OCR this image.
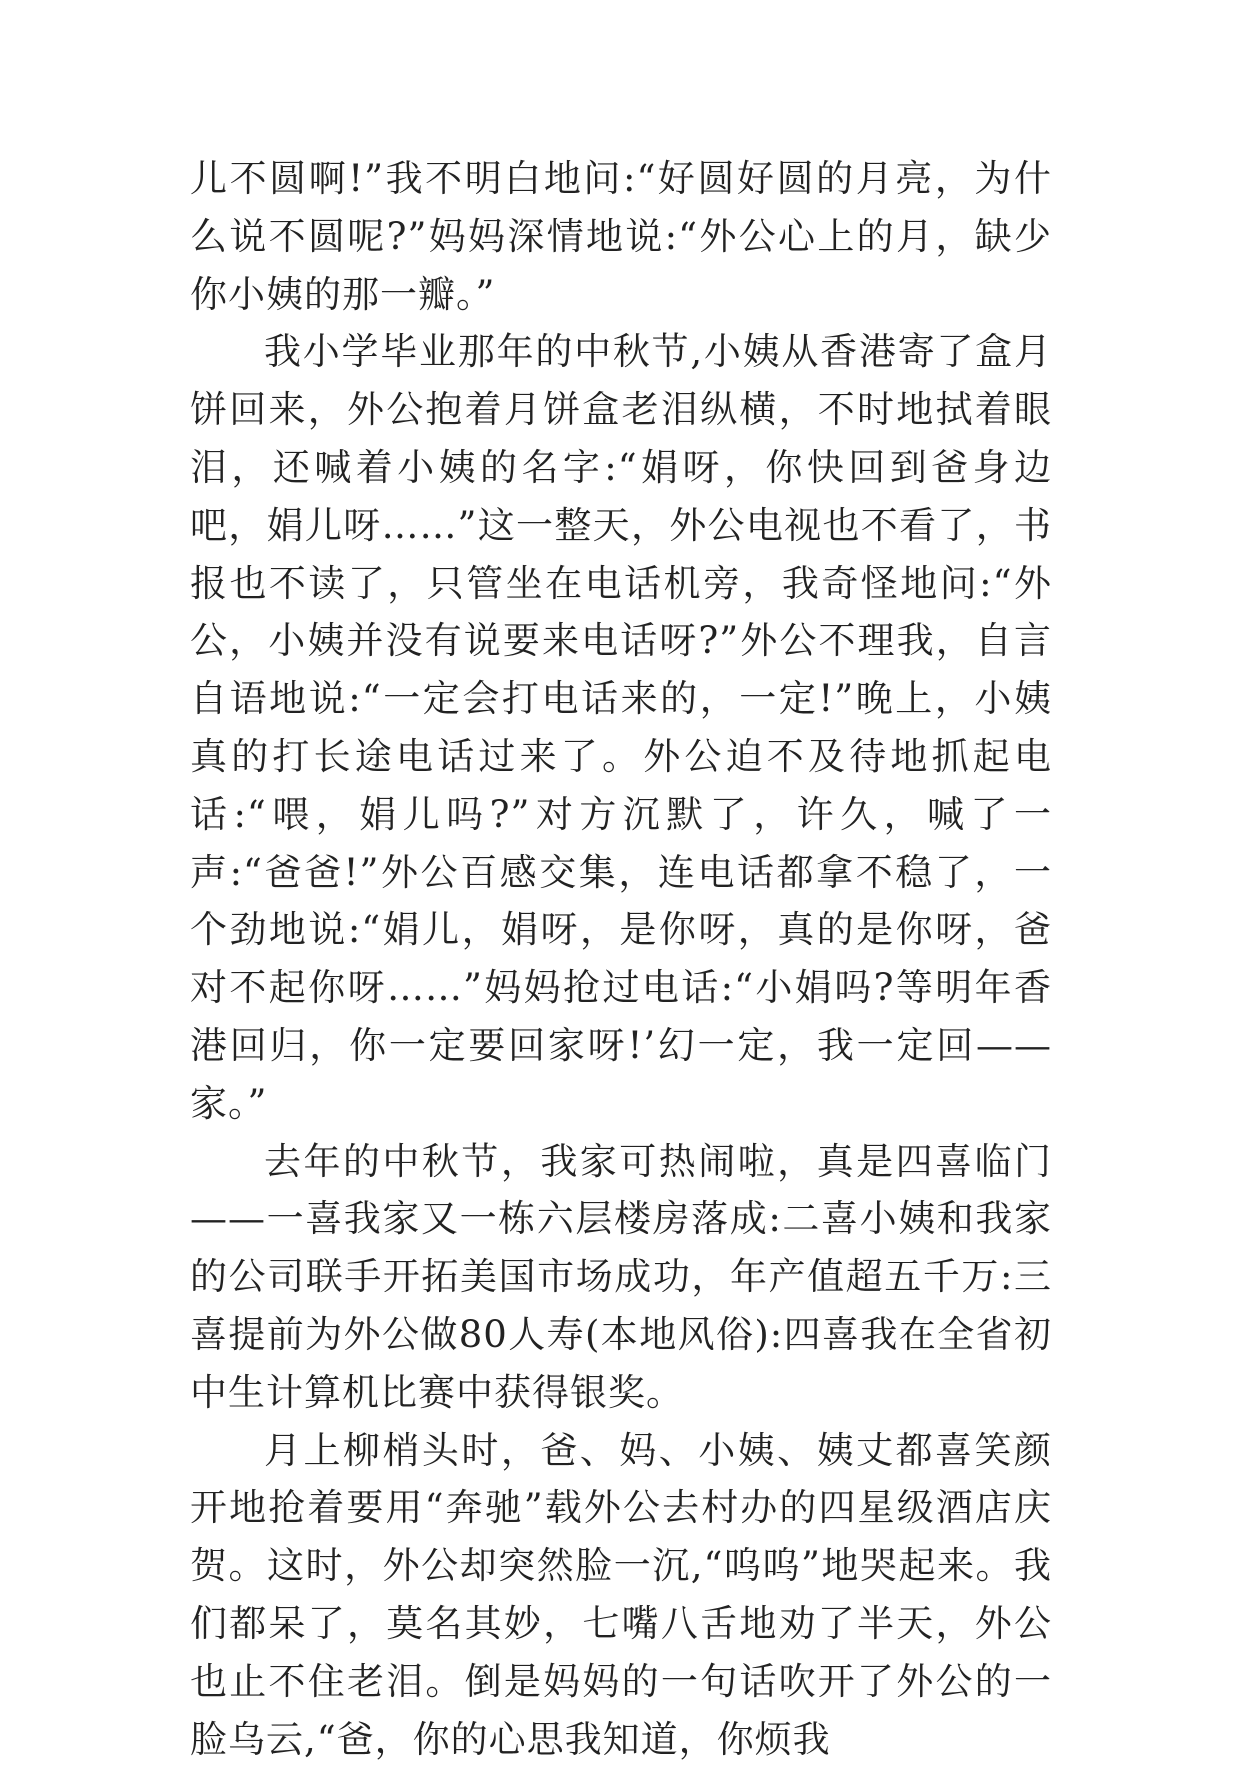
儿不圆啊!”我不明白地问:“好圆好圆的月亮，为什么说不圆呢?”妈妈深情地说:“外公心上的月，缺少你小姨的那一瓣。”

我小学毕业那年的中秋节,小姨从香港寄了盒月饼回来，外公抱着月饼盒老泪纵横，不时地拭着眼泪，还喊着小姨的名字:“娟呀，你快回到爸身边吧，娟儿呀……”这一整天，外公电视也不看了，书报也不读了，只管坐在电话机旁，我奇怪地问:“外公，小姨并没有说要来电话呀?”外公不理我，自言自语地说:“一定会打电话来的，一定!”晚上，小姨真的打长途电话过来了。外公迫不及待地抓起电话:“喂，娟儿吗?”对方沉默了，许久，喊了一声:“爸爸!”外公百感交集，连电话都拿不稳了，一个劲地说:“娟儿，娟呀，是你呀，真的是你呀，爸对不起你呀……”妈妈抢过电话:“小娟吗?等明年香港回归，你一定要回家呀!’幻一定，我一定回——家。”

去年的中秋节，我家可热闹啦，真是四喜临门——一喜我家又一栋六层楼房落成:二喜小姨和我家的公司联手开拓美国市场成功，年产值超五千万:三喜提前为外公做80人寿(本地风俗):四喜我在全省初中生计算机比赛中获得银奖。

月上柳梢头时，爸、妈、小姨、姨丈都喜笑颜开地抢着要用“奔驰”载外公去村办的四星级酒店庆贺。这时，外公却突然脸一沉,“呜呜”地哭起来。我们都呆了，莫名其妙，七嘴八舌地劝了半天，外公也止不住老泪。倒是妈妈的一句话吹开了外公的一脸乌云,“爸，你的心思我知道，你烦我
